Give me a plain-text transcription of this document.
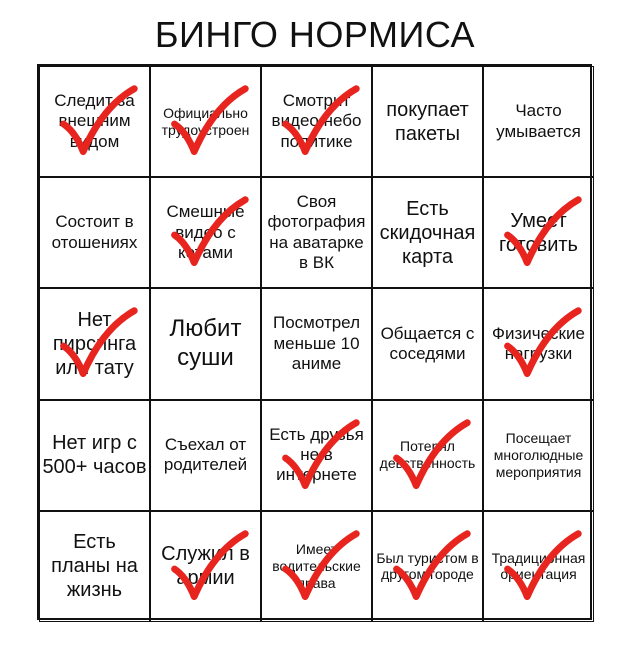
БИНГО НОРМИСА
Следит за внешним видом
Официально трудоустроен
Смотрит видео небо политике
покупает пакеты
Часто умывается
Состоит в отошениях
Смешные видео с котами
Своя фотография на аватарке в ВК
Есть скидочная карта
Умеет готовить
Нет пирсинга или тату
Любит суши
Посмотрел меньше 10 аниме
Общается с соседями
Физические нагрузки
Нет игр с 500+ часов
Съехал от родителей
Есть друзья не в интернете
Потерял девственность
Посещает многолюдные мероприятия
Есть планы на жизнь
Служил в армии
Имеет водительские права
Был туристом в другом городе
Традиционная ориентация
